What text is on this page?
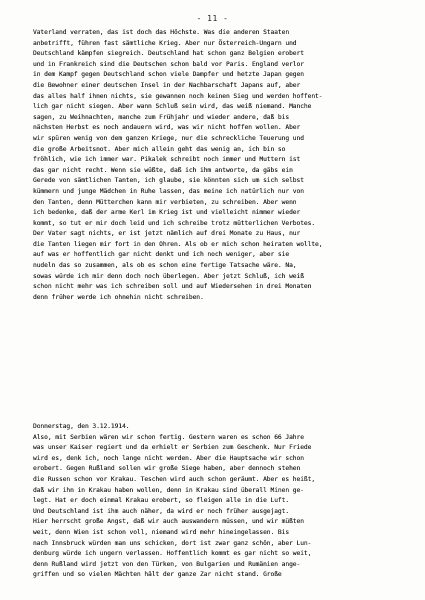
- 11 -
Vaterland verraten, das ist doch das Höchste. Was die anderen Staaten
anbetrifft, führen fast sämtliche Krieg. Aber nur Österreich-Ungarn und
Deutschland kämpfen siegreich. Deutschland hat schon ganz Belgien erobert
und in Frankreich sind die Deutschen schon bald vor Paris. England verlor
in dem Kampf gegen Deutschland schon viele Dampfer und hetzte Japan gegen
die Bewohner einer deutschen Insel in der Nachbarschaft Japans auf, aber
das alles half ihnen nichts, sie gewannen noch keinen Sieg und werden hoffent-
lich gar nicht siegen. Aber wann Schluß sein wird, das weiß niemand. Manche
sagen, zu Weihnachten, manche zum Frühjahr und wieder andere, daß bis
nächsten Herbst es noch andauern wird, was wir nicht hoffen wollen. Aber
wir spüren wenig von dem ganzen Kriege, nur die schreckliche Teuerung und
die große Arbeitsnot. Aber mich allein geht das wenig an, ich bin so
fröhlich, wie ich immer war. Pikalek schreibt noch immer und Muttern ist
das gar nicht recht. Wenn sie wüßte, daß ich ihm antworte, da gäbs ein
Gerede von sämtlichen Tanten, ich glaube, sie könnten sich um sich selbst
kümmern und junge Mädchen in Ruhe lassen, das meine ich natürlich nur von
den Tanten, denn Mütterchen kann mir verbieten, zu schreiben. Aber wenn
ich bedenke, daß der arme Kerl im Krieg ist und vielleicht nimmer wieder
kommt, so tut er mir doch leid und ich schreibe trotz mütterlichen Verbotes.
Der Vater sagt nichts, er ist jetzt nämlich auf drei Monate zu Haus, nur
die Tanten liegen mir fort in den Ohren. Als ob er mich schon heiraten wollte,
auf was er hoffentlich gar nicht denkt und ich noch weniger, aber sie
nudeln das so zusammen, als ob es schon eine fertige Tatsache wäre. Na,
sowas würde ich mir denn doch noch überlegen. Aber jetzt Schluß, ich weiß
schon nicht mehr was ich schreiben soll und auf Wiedersehen in drei Monaten
denn früher werde ich ohnehin nicht schreiben.
Donnerstag, den 3.12.1914.
Also, mit Serbien wären wir schon fertig. Gestern waren es schon 66 Jahre
was unser Kaiser regiert und da erhielt er Serbien zum Geschenk. Nur Friede
wird es, denk ich, noch lange nicht werden. Aber die Hauptsache wir schon
erobert. Gegen Rußland sollen wir große Siege haben, aber dennoch stehen
die Russen schon vor Krakau. Teschen wird auch schon geräumt. Aber es heißt,
daß wir ihn in Krakau haben wollen, denn in Krakau sind überall Minen ge-
legt. Hat er doch einmal Krakau erobert, so fleigen alle in die Luft.
Und Deutschland ist ihm auch näher, da wird er noch früher ausgejagt.
Hier herrscht große Angst, daß wir auch auswandern müssen, und wir müßten
weit, denn Wien ist schon voll, niemand wird mehr hineingelassen. Bis
nach Innsbruck würden man uns schicken, dort ist zwar ganz schön, aber Lun-
denburg würde ich ungern verlassen. Hoffentlich kommt es gar nicht so weit,
denn Rußland wird jetzt von den Türken, von Bulgarien und Rumänien ange-
griffen und so vielen Mächten hält der ganze Zar nicht stand. Große
